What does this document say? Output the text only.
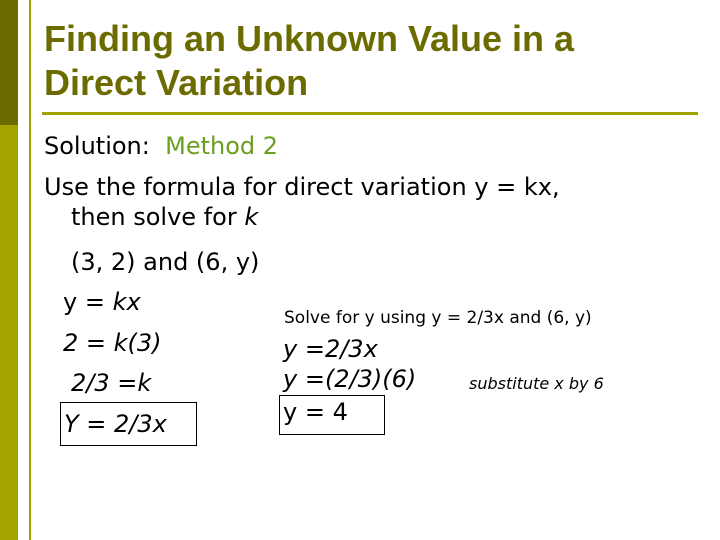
Finding an Unknown Value in a
Direct Variation
Solution: Method 2
Use the formula for direct variation y = kx,
then solve for k
(3, 2) and (6, y)
y = kx
2 = k(3)
2/3 =k
Y = 2/3x
Solve for y using y = 2/3x and (6, y)
y =2/3x
y =(2/3)(6)	substitute x by 6
y = 4
